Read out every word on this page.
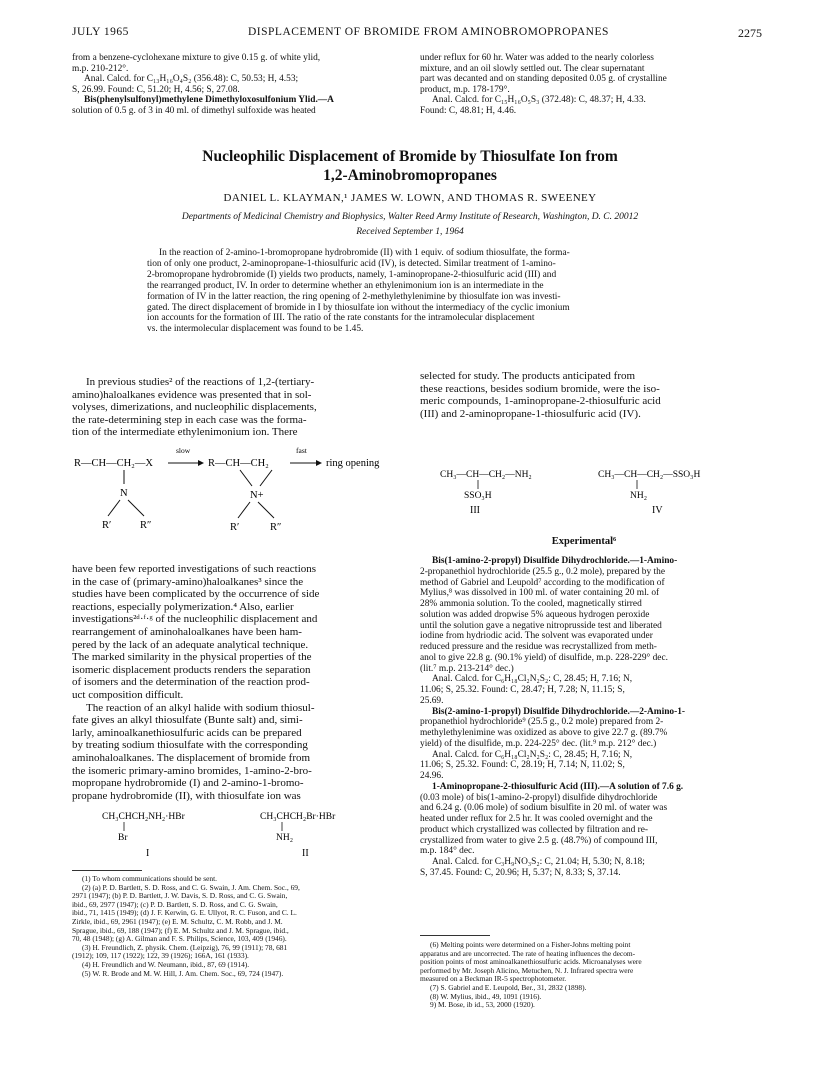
JULY 1965	DISPLACEMENT OF BROMIDE FROM AMINOBROMOPROPANES	2275

from a benzene-cyclohexane mixture to give 0.15 g. of white ylid,

m.p. 210-212°.

Anal. Calcd. for C₁₃H₁₆O₄S₂ (356.48): C, 50.53; H, 4.53;

S, 26.99. Found: C, 51.20; H, 4.56; S, 27.08.

Bis(phenylsulfonyl)methylene Dimethyloxosulfonium Ylid.—A

solution of 0.5 g. of 3 in 40 ml. of dimethyl sulfoxide was heated

under reflux for 60 hr. Water was added to the nearly colorless

mixture, and an oil slowly settled out. The clear supernatant

part was decanted and on standing deposited 0.05 g. of crystalline

product, m.p. 178-179°.

Anal. Calcd. for C₁₅H₁₆O₅S₃ (372.48): C, 48.37; H, 4.33.

Found: C, 48.81; H, 4.46.

Nucleophilic Displacement of Bromide by Thiosulfate Ion from
1,2-Aminobromopropanes
DANIEL L. KLAYMAN,¹ JAMES W. LOWN, AND THOMAS R. SWEENEY
Departments of Medicinal Chemistry and Biophysics, Walter Reed Army Institute of Research, Washington, D. C. 20012
Received September 1, 1964
In the reaction of 2-amino-1-bromopropane hydrobromide (II) with 1 equiv. of sodium thiosulfate, the forma-
tion of only one product, 2-aminopropane-1-thiosulfuric acid (IV), is detected. Similar treatment of 1-amino-
2-bromopropane hydrobromide (I) yields two products, namely, 1-aminopropane-2-thiosulfuric acid (III) and
the rearranged product, IV. In order to determine whether an ethylenimonium ion is an intermediate in the
formation of IV in the latter reaction, the ring opening of 2-methylethylenimine by thiosulfate ion was investi-
gated. The direct displacement of bromide in I by thiosulfate ion without the intermediacy of the cyclic imonium
ion accounts for the formation of III. The ratio of the rate constants for the intramolecular displacement
vs. the intermolecular displacement was found to be 1.45.
In previous studies² of the reactions of 1,2-(tertiary-
amino)haloalkanes evidence was presented that in sol-
volyses, dimerizations, and nucleophilic displacements,
the rate-determining step in each case was the forma-
tion of the intermediate ethylenimonium ion. There
R—CH—CH₂—X
slow
R—CH—CH₂
fast
ring opening
N
R′	R″
N+
R′	R″
have been few reported investigations of such reactions
in the case of (primary-amino)haloalkanes³ since the
studies have been complicated by the occurrence of side
reactions, especially polymerization.⁴ Also, earlier
investigations²ᵈ·ᶠ·ᵍ of the nucleophilic displacement and
rearrangement of aminohaloalkanes have been ham-
pered by the lack of an adequate analytical technique.
The marked similarity in the physical properties of the
isomeric displacement products renders the separation
of isomers and the determination of the reaction prod-
uct composition difficult.
The reaction of an alkyl halide with sodium thiosul-
fate gives an alkyl thiosulfate (Bunte salt) and, simi-
larly, aminoalkanethiosulfuric acids can be prepared
by treating sodium thiosulfate with the corresponding
aminohaloalkanes. The displacement of bromide from
the isomeric primary-amino bromides, 1-amino-2-bro-
mopropane hydrobromide (I) and 2-amino-1-bromo-
propane hydrobromide (II), with thiosulfate ion was
CH₃CHCH₂NH₂·HBr
Br
I
CH₃CHCH₂Br·HBr
NH₂
II

(1) To whom communications should be sent.

(2) (a) P. D. Bartlett, S. D. Ross, and C. G. Swain, J. Am. Chem. Soc., 69,

2971 (1947); (b) P. D. Bartlett, J. W. Davis, S. D. Ross, and C. G. Swain,

ibid., 69, 2977 (1947); (c) P. D. Bartlett, S. D. Ross, and C. G. Swain,

ibid., 71, 1415 (1949); (d) J. F. Kerwin, G. E. Ullyot, R. C. Fuson, and C. L.

Zirkle, ibid., 69, 2961 (1947); (e) E. M. Schultz, C. M. Robb, and J. M.

Sprague, ibid., 69, 188 (1947); (f) E. M. Schultz and J. M. Sprague, ibid.,

70, 48 (1948); (g) A. Gilman and F. S. Philips, Science, 103, 409 (1946).

(3) H. Freundlich, Z. physik. Chem. (Leipzig), 76, 99 (1911); 78, 681

(1912); 109, 117 (1922); 122, 39 (1926); 166A, 161 (1933).

(4) H. Freundlich and W. Neumann, ibid., 87, 69 (1914).

(5) W. R. Brode and M. W. Hill, J. Am. Chem. Soc., 69, 724 (1947).

selected for study. The products anticipated from
these reactions, besides sodium bromide, were the iso-
meric compounds, 1-aminopropane-2-thiosulfuric acid
(III) and 2-aminopropane-1-thiosulfuric acid (IV).
CH₃—CH—CH₂—NH₂
SSO₃H
III
CH₃—CH—CH₂—SSO₃H
NH₂
IV
Experimental⁶

Bis(1-amino-2-propyl) Disulfide Dihydrochloride.—1-Amino-

2-propanethiol hydrochloride (25.5 g., 0.2 mole), prepared by the

method of Gabriel and Leupold⁷ according to the modification of

Mylius,⁸ was dissolved in 100 ml. of water containing 20 ml. of

28% ammonia solution. To the cooled, magnetically stirred

solution was added dropwise 5% aqueous hydrogen peroxide

until the solution gave a negative nitroprusside test and liberated

iodine from hydriodic acid. The solvent was evaporated under

reduced pressure and the residue was recrystallized from meth-

anol to give 22.8 g. (90.1% yield) of disulfide, m.p. 228-229° dec.

(lit.⁷ m.p. 213-214° dec.)

Anal. Calcd. for C₆H₁₈Cl₂N₂S₂: C, 28.45; H, 7.16; N,

11.06; S, 25.32. Found: C, 28.47; H, 7.28; N, 11.15; S,

25.69.

Bis(2-amino-1-propyl) Disulfide Dihydrochloride.—2-Amino-1-

propanethiol hydrochloride⁹ (25.5 g., 0.2 mole) prepared from 2-

methylethylenimine was oxidized as above to give 22.7 g. (89.7%

yield) of the disulfide, m.p. 224-225° dec. (lit.⁹ m.p. 212° dec.)

Anal. Calcd. for C₆H₁₈Cl₂N₂S₂: C, 28.45; H, 7.16; N,

11.06; S, 25.32. Found: C, 28.19; H, 7.14; N, 11.02; S,

24.96.

1-Aminopropane-2-thiosulfuric Acid (III).—A solution of 7.6 g.

(0.03 mole) of bis(1-amino-2-propyl) disulfide dihydrochloride

and 6.24 g. (0.06 mole) of sodium bisulfite in 20 ml. of water was

heated under reflux for 2.5 hr. It was cooled overnight and the

product which crystallized was collected by filtration and re-

crystallized from water to give 2.5 g. (48.7%) of compound III,

m.p. 184° dec.

Anal. Calcd. for C₃H₉NO₃S₂: C, 21.04; H, 5.30; N, 8.18;

S, 37.45. Found: C, 20.96; H, 5.37; N, 8.33; S, 37.14.

(6) Melting points were determined on a Fisher-Johns melting point

apparatus and are uncorrected. The rate of heating influences the decom-

position points of most aminoalkanethiosulfuric acids. Microanalyses were

performed by Mr. Joseph Alicino, Metuchen, N. J. Infrared spectra were

measured on a Beckman IR-5 spectrophotometer.

(7) S. Gabriel and E. Leupold, Ber., 31, 2832 (1898).

(8) W. Mylius, ibid., 49, 1091 (1916).

9) M. Bose, ib id., 53, 2000 (1920).
